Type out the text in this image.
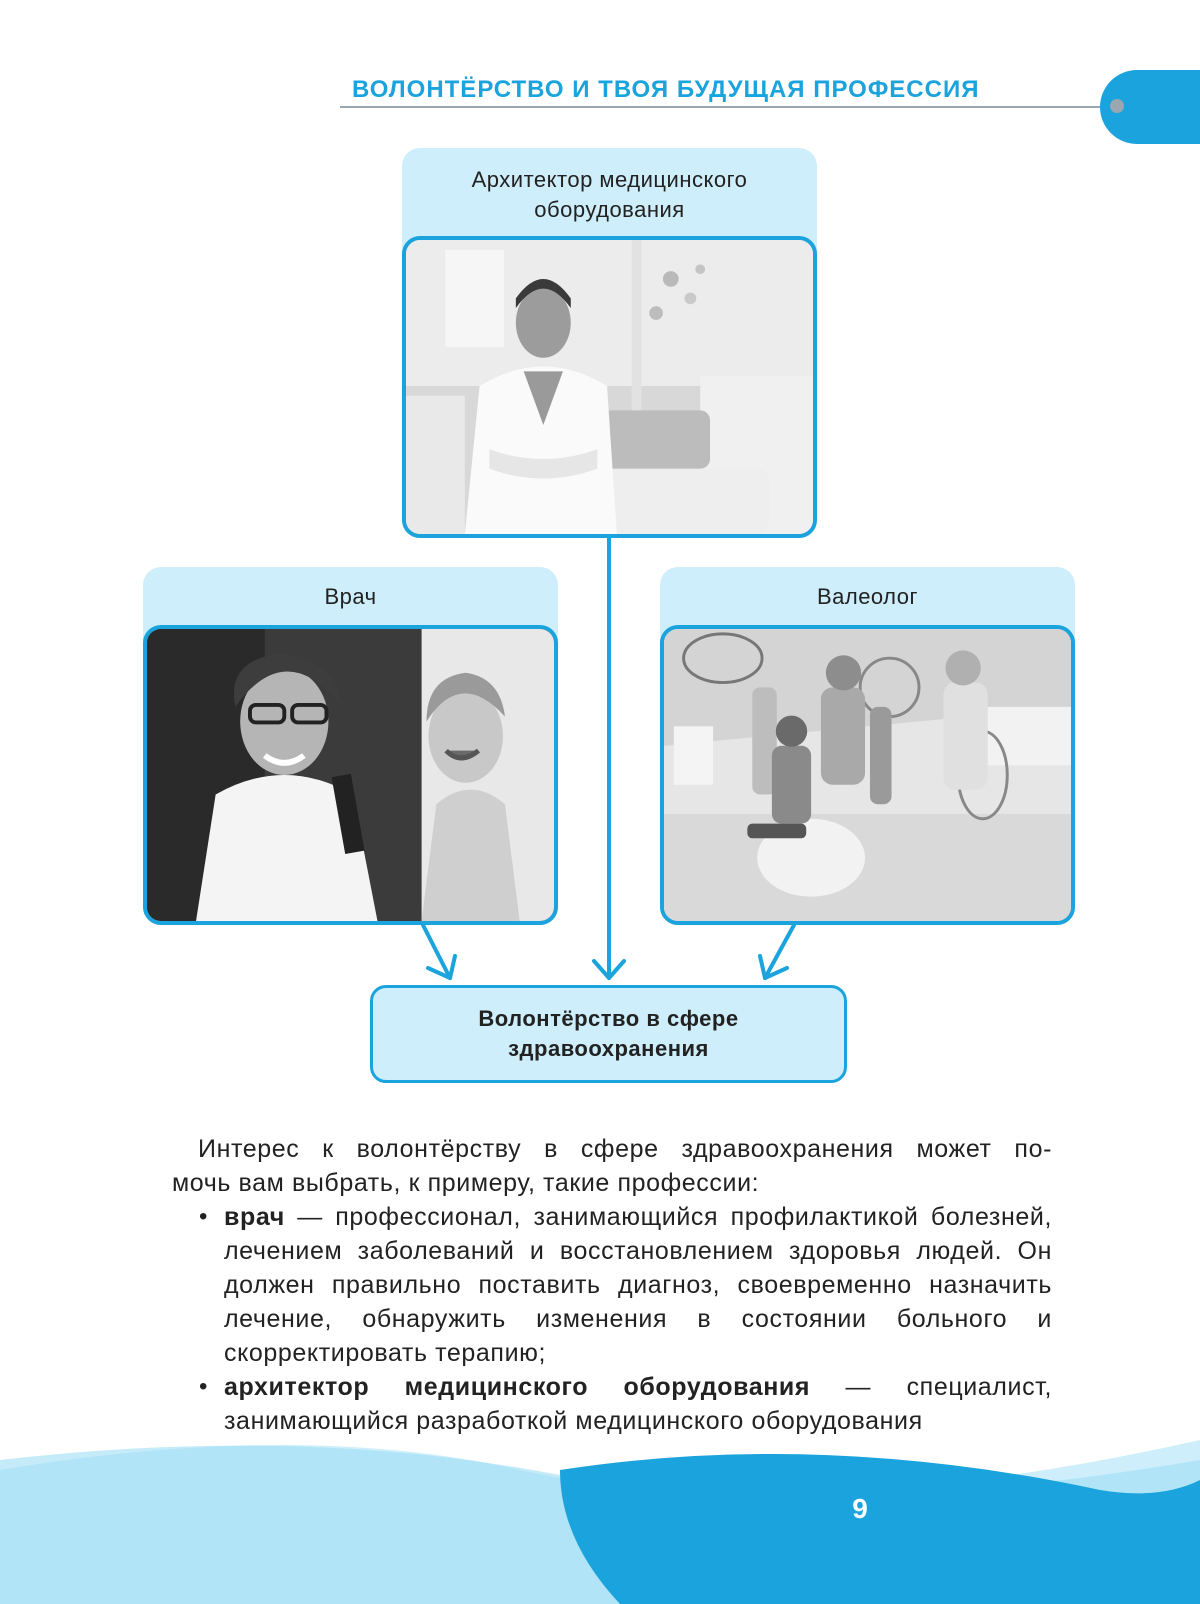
ВОЛОНТЁРСТВО И ТВОЯ БУДУЩАЯ ПРОФЕССИЯ
Архитектор медицинского оборудования
Врач	Валеолог
Волонтёрство в сфере здравоохранения
Интерес к волонтёрству в сфере здравоохранения может по-
мочь вам выбрать, к примеру, такие профессии:
• врач — профессионал, занимающийся профилактикой болезней, лечением заболеваний и восстановлением здоровья людей. Он должен правильно поставить диагноз, своевременно назначить лечение, обнаружить изменения в состоянии больного и скорректировать терапию;
• архитектор медицинского оборудования — специалист, занимающийся разработкой медицинского оборудования
9
